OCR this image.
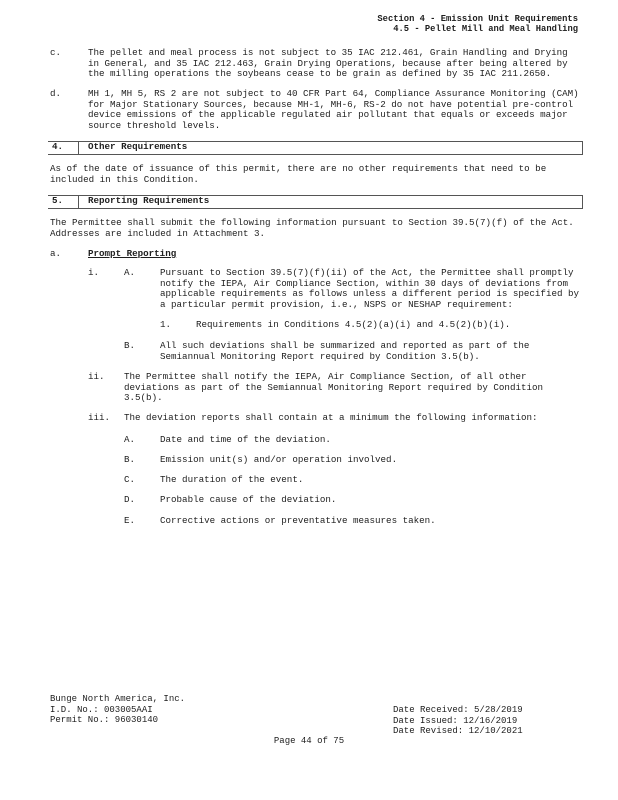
Section 4 - Emission Unit Requirements
4.5 - Pellet Mill and Meal Handling
c.	The pellet and meal process is not subject to 35 IAC 212.461, Grain Handling and Drying
in General, and 35 IAC 212.463, Grain Drying Operations, because after being altered by
the milling operations the soybeans cease to be grain as defined by 35 IAC 211.2650.
d.	MH 1, MH 5, RS 2 are not subject to 40 CFR Part 64, Compliance Assurance Monitoring (CAM)
for Major Stationary Sources, because MH-1, MH-6, RS-2 do not have potential pre-control
device emissions of the applicable regulated air pollutant that equals or exceeds major
source threshold levels.
4.	Other Requirements
As of the date of issuance of this permit, there are no other requirements that need to be
included in this Condition.
5.	Reporting Requirements
The Permittee shall submit the following information pursuant to Section 39.5(7)(f) of the Act.
Addresses are included in Attachment 3.
a.	Prompt Reporting
i.	A.	Pursuant to Section 39.5(7)(f)(ii) of the Act, the Permittee shall promptly
notify the IEPA, Air Compliance Section, within 30 days of deviations from
applicable requirements as follows unless a different period is specified by
a particular permit provision, i.e., NSPS or NESHAP requirement:
1.	Requirements in Conditions 4.5(2)(a)(i) and 4.5(2)(b)(i).
B.	All such deviations shall be summarized and reported as part of the
Semiannual Monitoring Report required by Condition 3.5(b).
ii. The Permittee shall notify the IEPA, Air Compliance Section, of all other
deviations as part of the Semiannual Monitoring Report required by Condition
3.5(b).
iii. The deviation reports shall contain at a minimum the following information:
A.	Date and time of the deviation.
B.	Emission unit(s) and/or operation involved.
C.	The duration of the event.
D.	Probable cause of the deviation.
E.	Corrective actions or preventative measures taken.
Bunge North America, Inc.
I.D. No.: 003005AAI
Permit No.: 96030140
Date Received: 5/28/2019
Date Issued: 12/16/2019
Date Revised: 12/10/2021
Page 44 of 75
